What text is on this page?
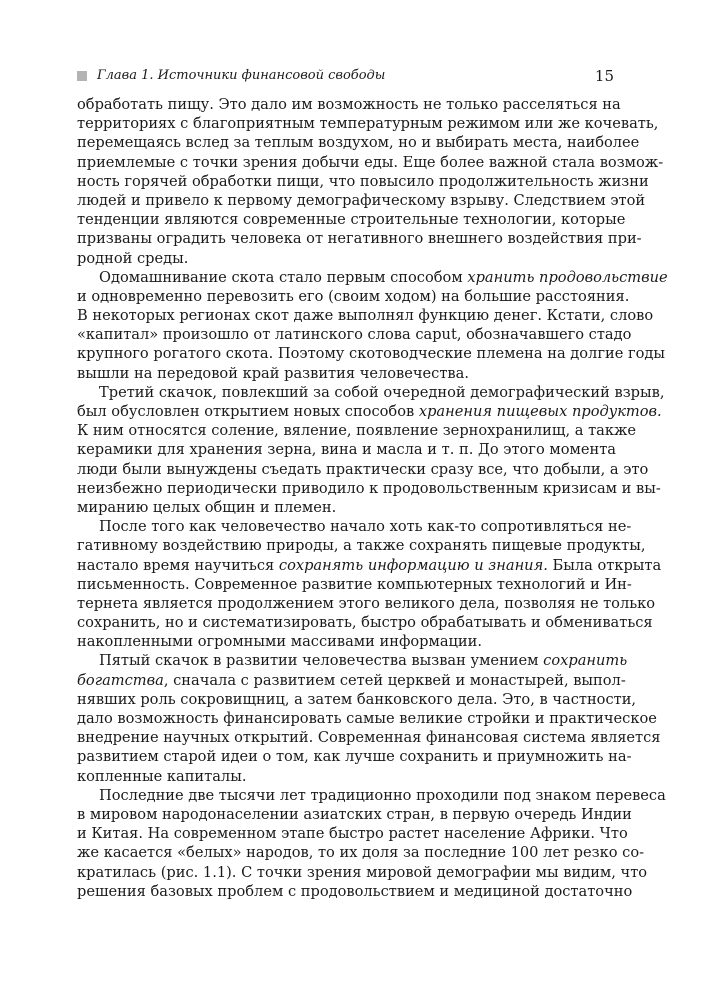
Глава 1. Источники финансовой свободы	15
обработать пищу. Это дало им возможность не только расселяться на
территориях с благоприятным температурным режимом или же кочевать,
перемещаясь вслед за теплым воздухом, но и выбирать места, наиболее
приемлемые с точки зрения добычи еды. Еще более важной стала возмож-
ность горячей обработки пищи, что повысило продолжительность жизни
людей и привело к первому демографическому взрыву. Следствием этой
тенденции являются современные строительные технологии, которые
призваны оградить человека от негативного внешнего воздействия при-
родной среды.
Одомашнивание скота стало первым способом хранить продовольствие
и одновременно перевозить его (своим ходом) на большие расстояния.
В некоторых регионах скот даже выполнял функцию денег. Кстати, слово
«капитал» произошло от латинского слова caput, обозначавшего стадо
крупного рогатого скота. Поэтому скотоводческие племена на долгие годы
вышли на передовой край развития человечества.
Третий скачок, повлекший за собой очередной демографический взрыв,
был обусловлен открытием новых способов хранения пищевых продуктов.
К ним относятся соление, вяление, появление зернохранилищ, а также
керамики для хранения зерна, вина и масла и т. п. До этого момента
люди были вынуждены съедать практически сразу все, что добыли, а это
неизбежно периодически приводило к продовольственным кризисам и вы-
миранию целых общин и племен.
После того как человечество начало хоть как-то сопротивляться не-
гативному воздействию природы, а также сохранять пищевые продукты,
настало время научиться сохранять информацию и знания. Была открыта
письменность. Современное развитие компьютерных технологий и Ин-
тернета является продолжением этого великого дела, позволяя не только
сохранить, но и систематизировать, быстро обрабатывать и обмениваться
накопленными огромными массивами информации.
Пятый скачок в развитии человечества вызван умением сохранить
богатства, сначала с развитием сетей церквей и монастырей, выпол-
нявших роль сокровищниц, а затем банковского дела. Это, в частности,
дало возможность финансировать самые великие стройки и практическое
внедрение научных открытий. Современная финансовая система является
развитием старой идеи о том, как лучше сохранить и приумножить на-
копленные капиталы.
Последние две тысячи лет традиционно проходили под знаком перевеса
в мировом народонаселении азиатских стран, в первую очередь Индии
и Китая. На современном этапе быстро растет население Африки. Что
же касается «белых» народов, то их доля за последние 100 лет резко со-
кратилась (рис. 1.1). С точки зрения мировой демографии мы видим, что
решения базовых проблем с продовольствием и медициной достаточно
